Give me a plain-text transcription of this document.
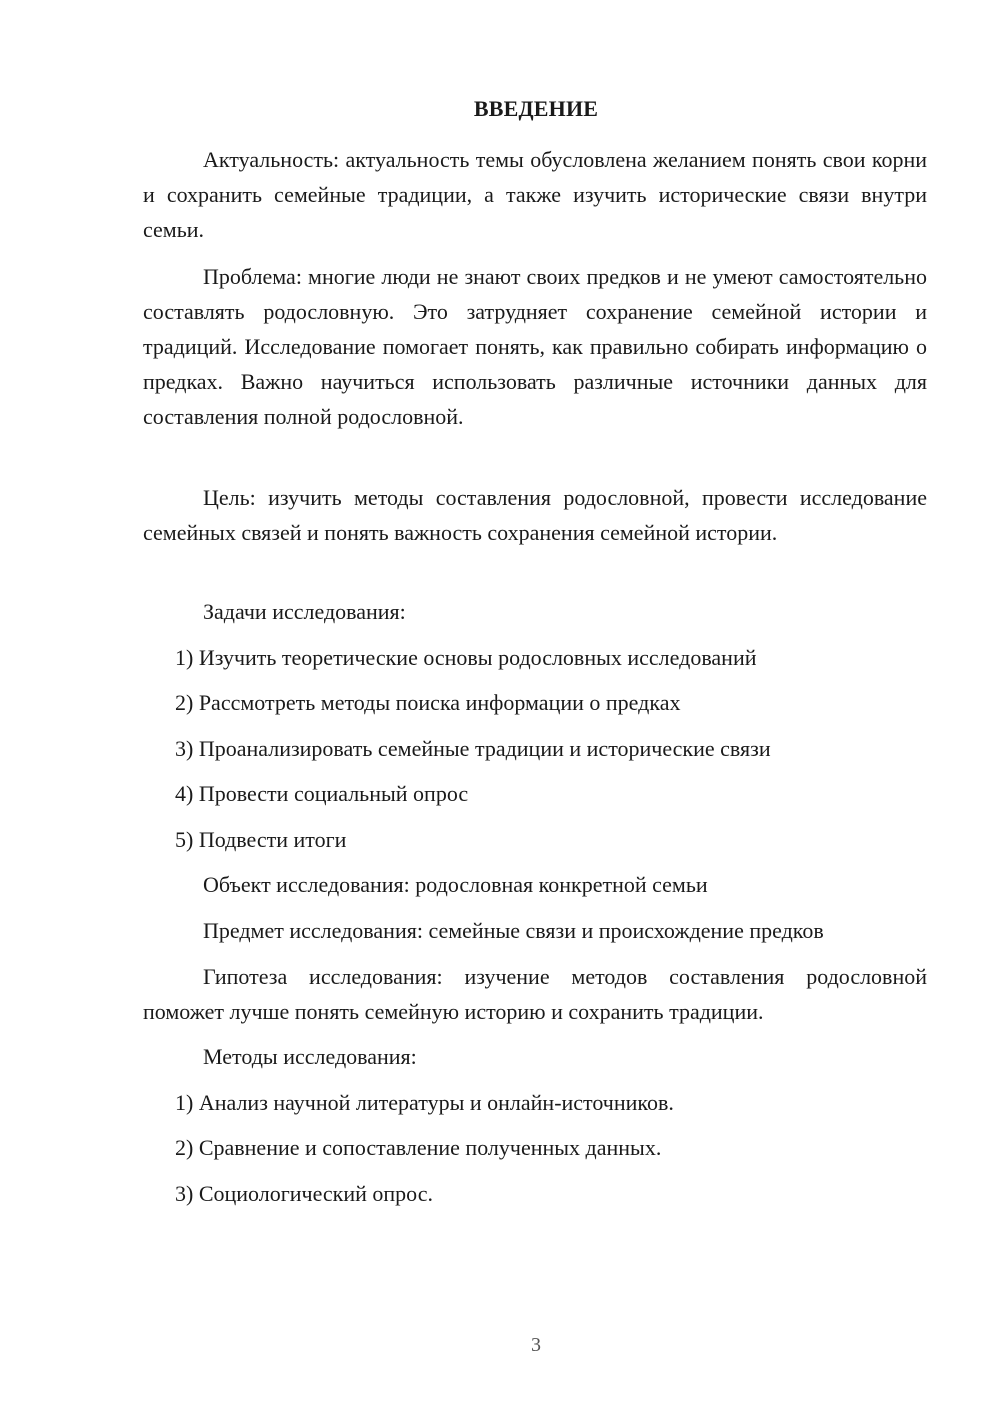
ВВЕДЕНИЕ

Актуальность: актуальность темы обусловлена желанием понять свои корни и сохранить семейные традиции, а также изучить исторические связи внутри семьи.

Проблема: многие люди не знают своих предков и не умеют самостоятельно составлять родословную. Это затрудняет сохранение семейной истории и традиций. Исследование помогает понять, как правильно собирать информацию о предках. Важно научиться использовать различные источники данных для составления полной родословной.

Цель: изучить методы составления родословной, провести исследование семейных связей и понять важность сохранения семейной истории.

Задачи исследования:
1) Изучить теоретические основы родословных исследований
2) Рассмотреть методы поиска информации о предках
3) Проанализировать семейные традиции и исторические связи
4) Провести социальный опрос
5) Подвести итоги
Объект исследования: родословная конкретной семьи
Предмет исследования: семейные связи и происхождение предков

Гипотеза исследования: изучение методов составления родословной поможет лучше понять семейную историю и сохранить традиции.

Методы исследования:
1) Анализ научной литературы и онлайн-источников.
2) Сравнение и сопоставление полученных данных.
3) Социологический опрос.
3
